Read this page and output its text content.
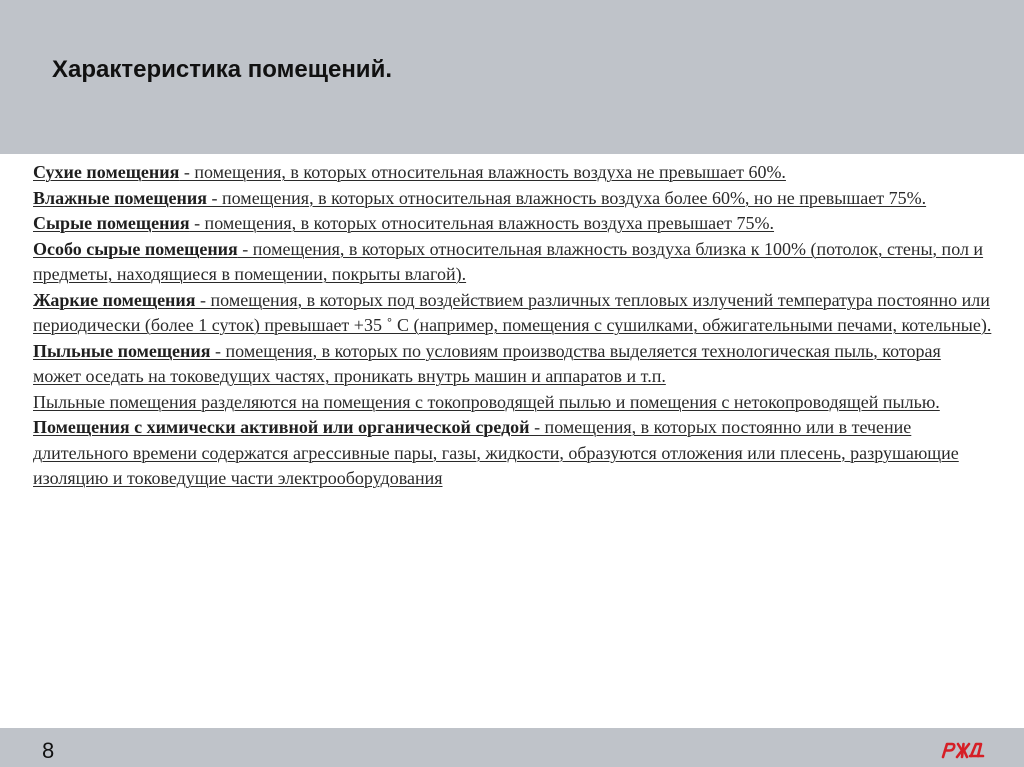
Характеристика помещений.

Сухие помещения - помещения, в которых относительная влажность воздуха не превышает 60%.

Влажные помещения - помещения, в которых относительная влажность воздуха более 60%, но не превышает 75%.

Сырые помещения - помещения, в которых относительная влажность воздуха превышает 75%.

Особо сырые помещения - помещения, в которых относительная влажность воздуха близка к 100% (потолок, стены, пол и предметы, находящиеся в помещении, покрыты влагой).

Жаркие помещения - помещения, в которых под воздействием различных тепловых излучений температура постоянно или периодически (более 1 суток) превышает +35 ˚ С (например, помещения с сушилками, обжигательными печами, котельные).

Пыльные помещения - помещения, в которых по условиям производства выделяется технологическая пыль, которая может оседать на токоведущих частях, проникать внутрь машин и аппаратов и т.п.

Пыльные помещения разделяются на помещения с токопроводящей пылью и помещения с нетокопроводящей пылью.

Помещения с химически активной или органической средой - помещения, в которых постоянно или в течение длительного времени содержатся агрессивные пары, газы, жидкости, образуются отложения или плесень, разрушающие изоляцию и токоведущие части электрооборудования

8
